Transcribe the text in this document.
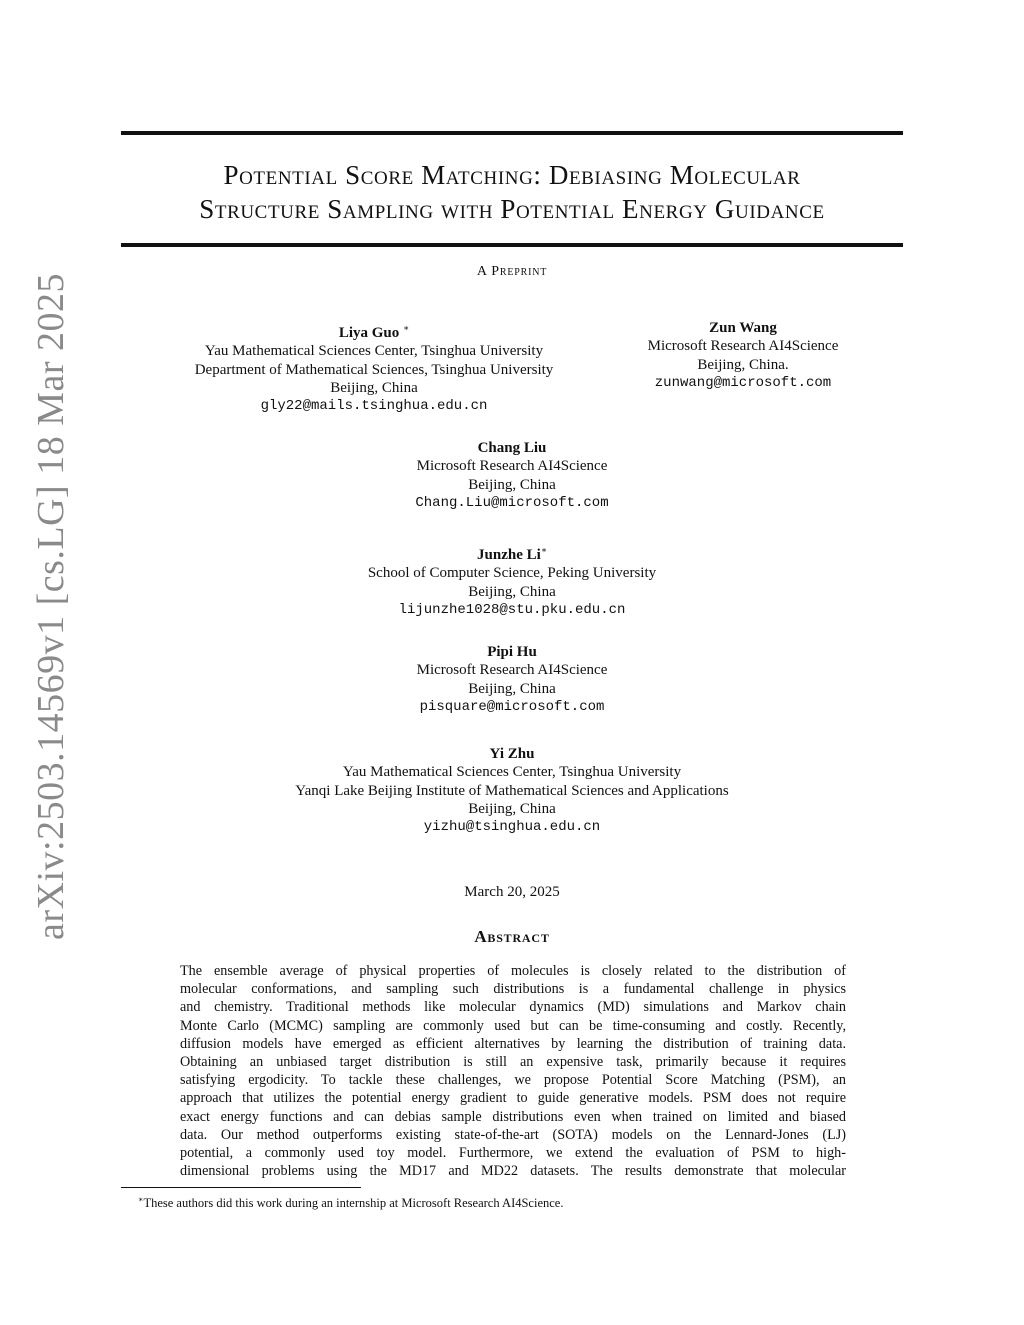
arXiv:2503.14569v1 [cs.LG] 18 Mar 2025
Potential Score Matching: Debiasing Molecular
Structure Sampling with Potential Energy Guidance
A Preprint
Liya Guo ∗
Yau Mathematical Sciences Center, Tsinghua University
Department of Mathematical Sciences, Tsinghua University
Beijing, China
gly22@mails.tsinghua.edu.cn
Zun Wang
Microsoft Research AI4Science
Beijing, China.
zunwang@microsoft.com
Chang Liu
Microsoft Research AI4Science
Beijing, China
Chang.Liu@microsoft.com
Junzhe Li∗
School of Computer Science, Peking University
Beijing, China
lijunzhe1028@stu.pku.edu.cn
Pipi Hu
Microsoft Research AI4Science
Beijing, China
pisquare@microsoft.com
Yi Zhu
Yau Mathematical Sciences Center, Tsinghua University
Yanqi Lake Beijing Institute of Mathematical Sciences and Applications
Beijing, China
yizhu@tsinghua.edu.cn
March 20, 2025
Abstract
The ensemble average of physical properties of molecules is closely related to the distribution of
molecular conformations, and sampling such distributions is a fundamental challenge in physics
and chemistry. Traditional methods like molecular dynamics (MD) simulations and Markov chain
Monte Carlo (MCMC) sampling are commonly used but can be time-consuming and costly. Recently,
diffusion models have emerged as efficient alternatives by learning the distribution of training data.
Obtaining an unbiased target distribution is still an expensive task, primarily because it requires
satisfying ergodicity. To tackle these challenges, we propose Potential Score Matching (PSM), an
approach that utilizes the potential energy gradient to guide generative models. PSM does not require
exact energy functions and can debias sample distributions even when trained on limited and biased
data. Our method outperforms existing state-of-the-art (SOTA) models on the Lennard-Jones (LJ)
potential, a commonly used toy model. Furthermore, we extend the evaluation of PSM to high-
dimensional problems using the MD17 and MD22 datasets. The results demonstrate that molecular
∗These authors did this work during an internship at Microsoft Research AI4Science.
